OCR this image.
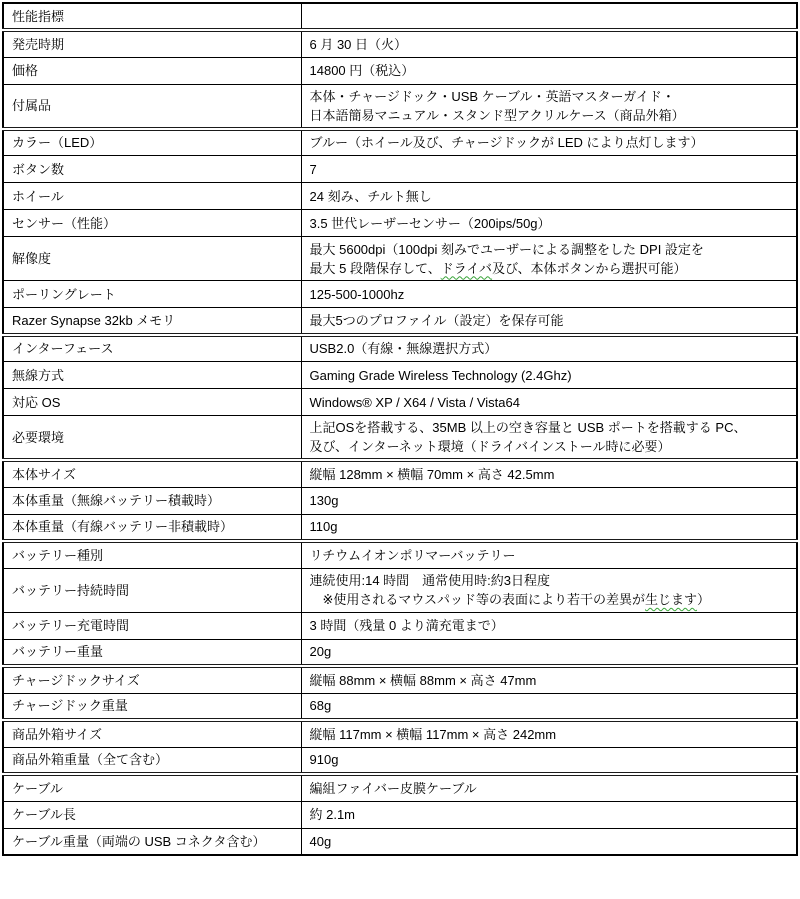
性能指標	

発売時期	6 月 30 日（火）

価格	14800 円（税込）

付属品	本体・チャージドック・USB ケーブル・英語マスターガイド・
日本語簡易マニュアル・スタンド型アクリルケース（商品外箱）

カラー（LED）	ブルー（ホイール及び、チャージドックが LED により点灯します）

ボタン数	7

ホイール	24 刻み、チルト無し

センサー（性能）	3.5 世代レーザーセンサー（200ips/50g）

解像度	最大 5600dpi（100dpi 刻みでユーザーによる調整をした DPI 設定を
最大 5 段階保存して、ドライバ及び、本体ボタンから選択可能）

ポーリングレート	125-500-1000hz

Razer Synapse 32kb メモリ	最大5つのプロファイル（設定）を保存可能

インターフェース	USB2.0（有線・無線選択方式）

無線方式	Gaming Grade Wireless Technology (2.4Ghz)

対応 OS	Windows® XP / X64 / Vista / Vista64

必要環境	上記OSを搭載する、35MB 以上の空き容量と USB ポートを搭載する PC、
及び、インターネット環境（ドライバインストール時に必要）

本体サイズ	縦幅 128mm × 横幅 70mm × 高さ 42.5mm

本体重量（無線バッテリー積載時）	130g

本体重量（有線バッテリー非積載時）	110g

バッテリー種別	リチウムイオンポリマーバッテリー

バッテリー持続時間	連続使用:14 時間　通常使用時:約3日程度
　※使用されるマウスパッド等の表面により若干の差異が生じます）

バッテリー充電時間	3 時間（残量 0 より満充電まで）

バッテリー重量	20g

チャージドックサイズ	縦幅 88mm × 横幅 88mm × 高さ 47mm

チャージドック重量	68g

商品外箱サイズ	縦幅 117mm × 横幅 117mm × 高さ 242mm

商品外箱重量（全て含む）	910g

ケーブル	編組ファイバー皮膜ケーブル

ケーブル長	約 2.1m

ケーブル重量（両端の USB コネクタ含む）	40g
